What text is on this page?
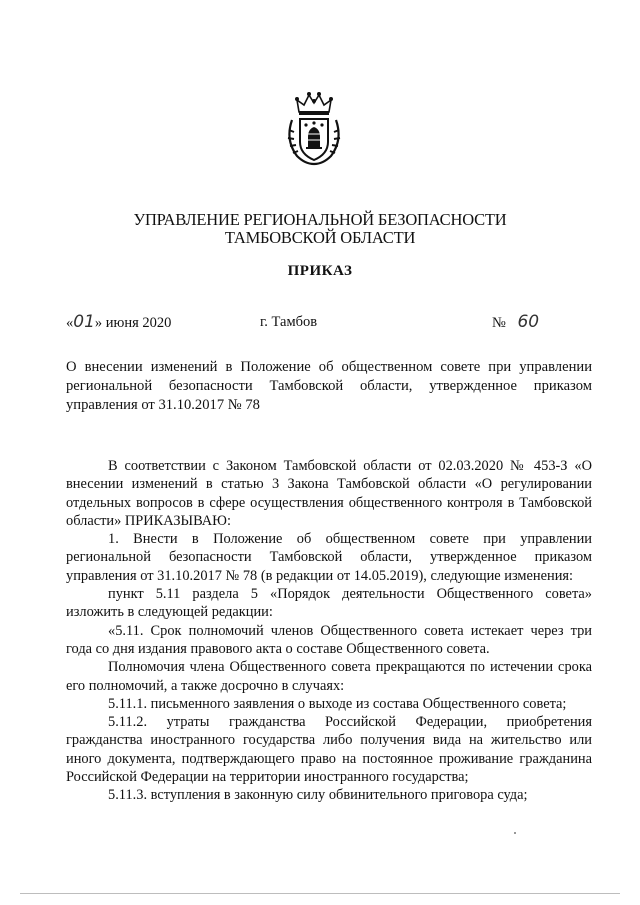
УПРАВЛЕНИЕ РЕГИОНАЛЬНОЙ БЕЗОПАСНОСТИ
ТАМБОВСКОЙ ОБЛАСТИ
ПРИКАЗ
«01» июня 2020	г. Тамбов	№ 60
О внесении изменений в Положение об общественном совете при управлении региональной безопасности Тамбовской области, утвержденное приказом управления от 31.10.2017 № 78

В соответствии с Законом Тамбовской области от 02.03.2020 № 453-З «О внесении изменений в статью 3 Закона Тамбовской области «О регулировании отдельных вопросов в сфере осуществления общественного контроля в Тамбовской области» ПРИКАЗЫВАЮ:

1. Внести в Положение об общественном совете при управлении региональной безопасности Тамбовской области, утвержденное приказом управления от 31.10.2017 № 78 (в редакции от 14.05.2019), следующие изменения:

пункт 5.11 раздела 5 «Порядок деятельности Общественного совета» изложить в следующей редакции:

«5.11. Срок полномочий членов Общественного совета истекает через три года со дня издания правового акта о составе Общественного совета.

Полномочия члена Общественного совета прекращаются по истечении срока его полномочий, а также досрочно в случаях:

5.11.1. письменного заявления о выходе из состава Общественного совета;

5.11.2. утраты гражданства Российской Федерации, приобретения гражданства иностранного государства либо получения вида на жительство или иного документа, подтверждающего право на постоянное проживание гражданина Российской Федерации на территории иностранного государства;

5.11.3. вступления в законную силу обвинительного приговора суда;
